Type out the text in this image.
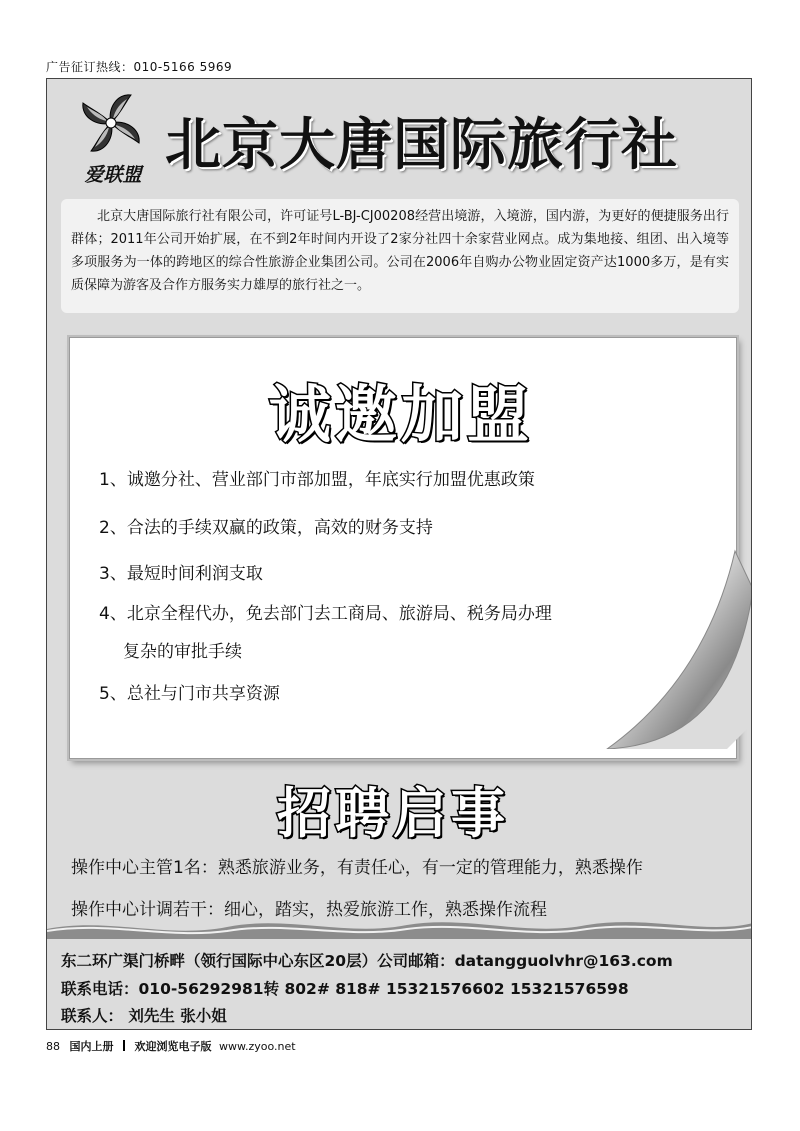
广告征订热线：010-5166 5969
爱联盟 北京大唐国际旅行社
北京大唐国际旅行社有限公司，许可证号L-BJ-CJ00208经营出境游，入境游，国内游，为更好的便捷服务出行群体；2011年公司开始扩展，在不到2年时间内开设了2家分社四十余家营业网点。成为集地接、组团、出入境等多项服务为一体的跨地区的综合性旅游企业集团公司。公司在2006年自购办公物业固定资产达1000多万，是有实质保障为游客及合作方服务实力雄厚的旅行社之一。
诚邀加盟
1、诚邀分社、营业部门市部加盟，年底实行加盟优惠政策
2、合法的手续双赢的政策，高效的财务支持
3、最短时间利润支取
4、北京全程代办，免去部门去工商局、旅游局、税务局办理
复杂的审批手续
5、总社与门市共享资源
招聘启事
操作中心主管1名：熟悉旅游业务，有责任心，有一定的管理能力，熟悉操作
操作中心计调若干：细心，踏实，热爱旅游工作，熟悉操作流程
东二环广渠门桥畔（领行国际中心东区20层）公司邮箱：datangguolvhr@163.com
联系电话：010-56292981转 802# 818# 15321576602 15321576598
联系人： 刘先生 张小姐
88 国内上册 欢迎浏览电子版 www.zyoo.net
